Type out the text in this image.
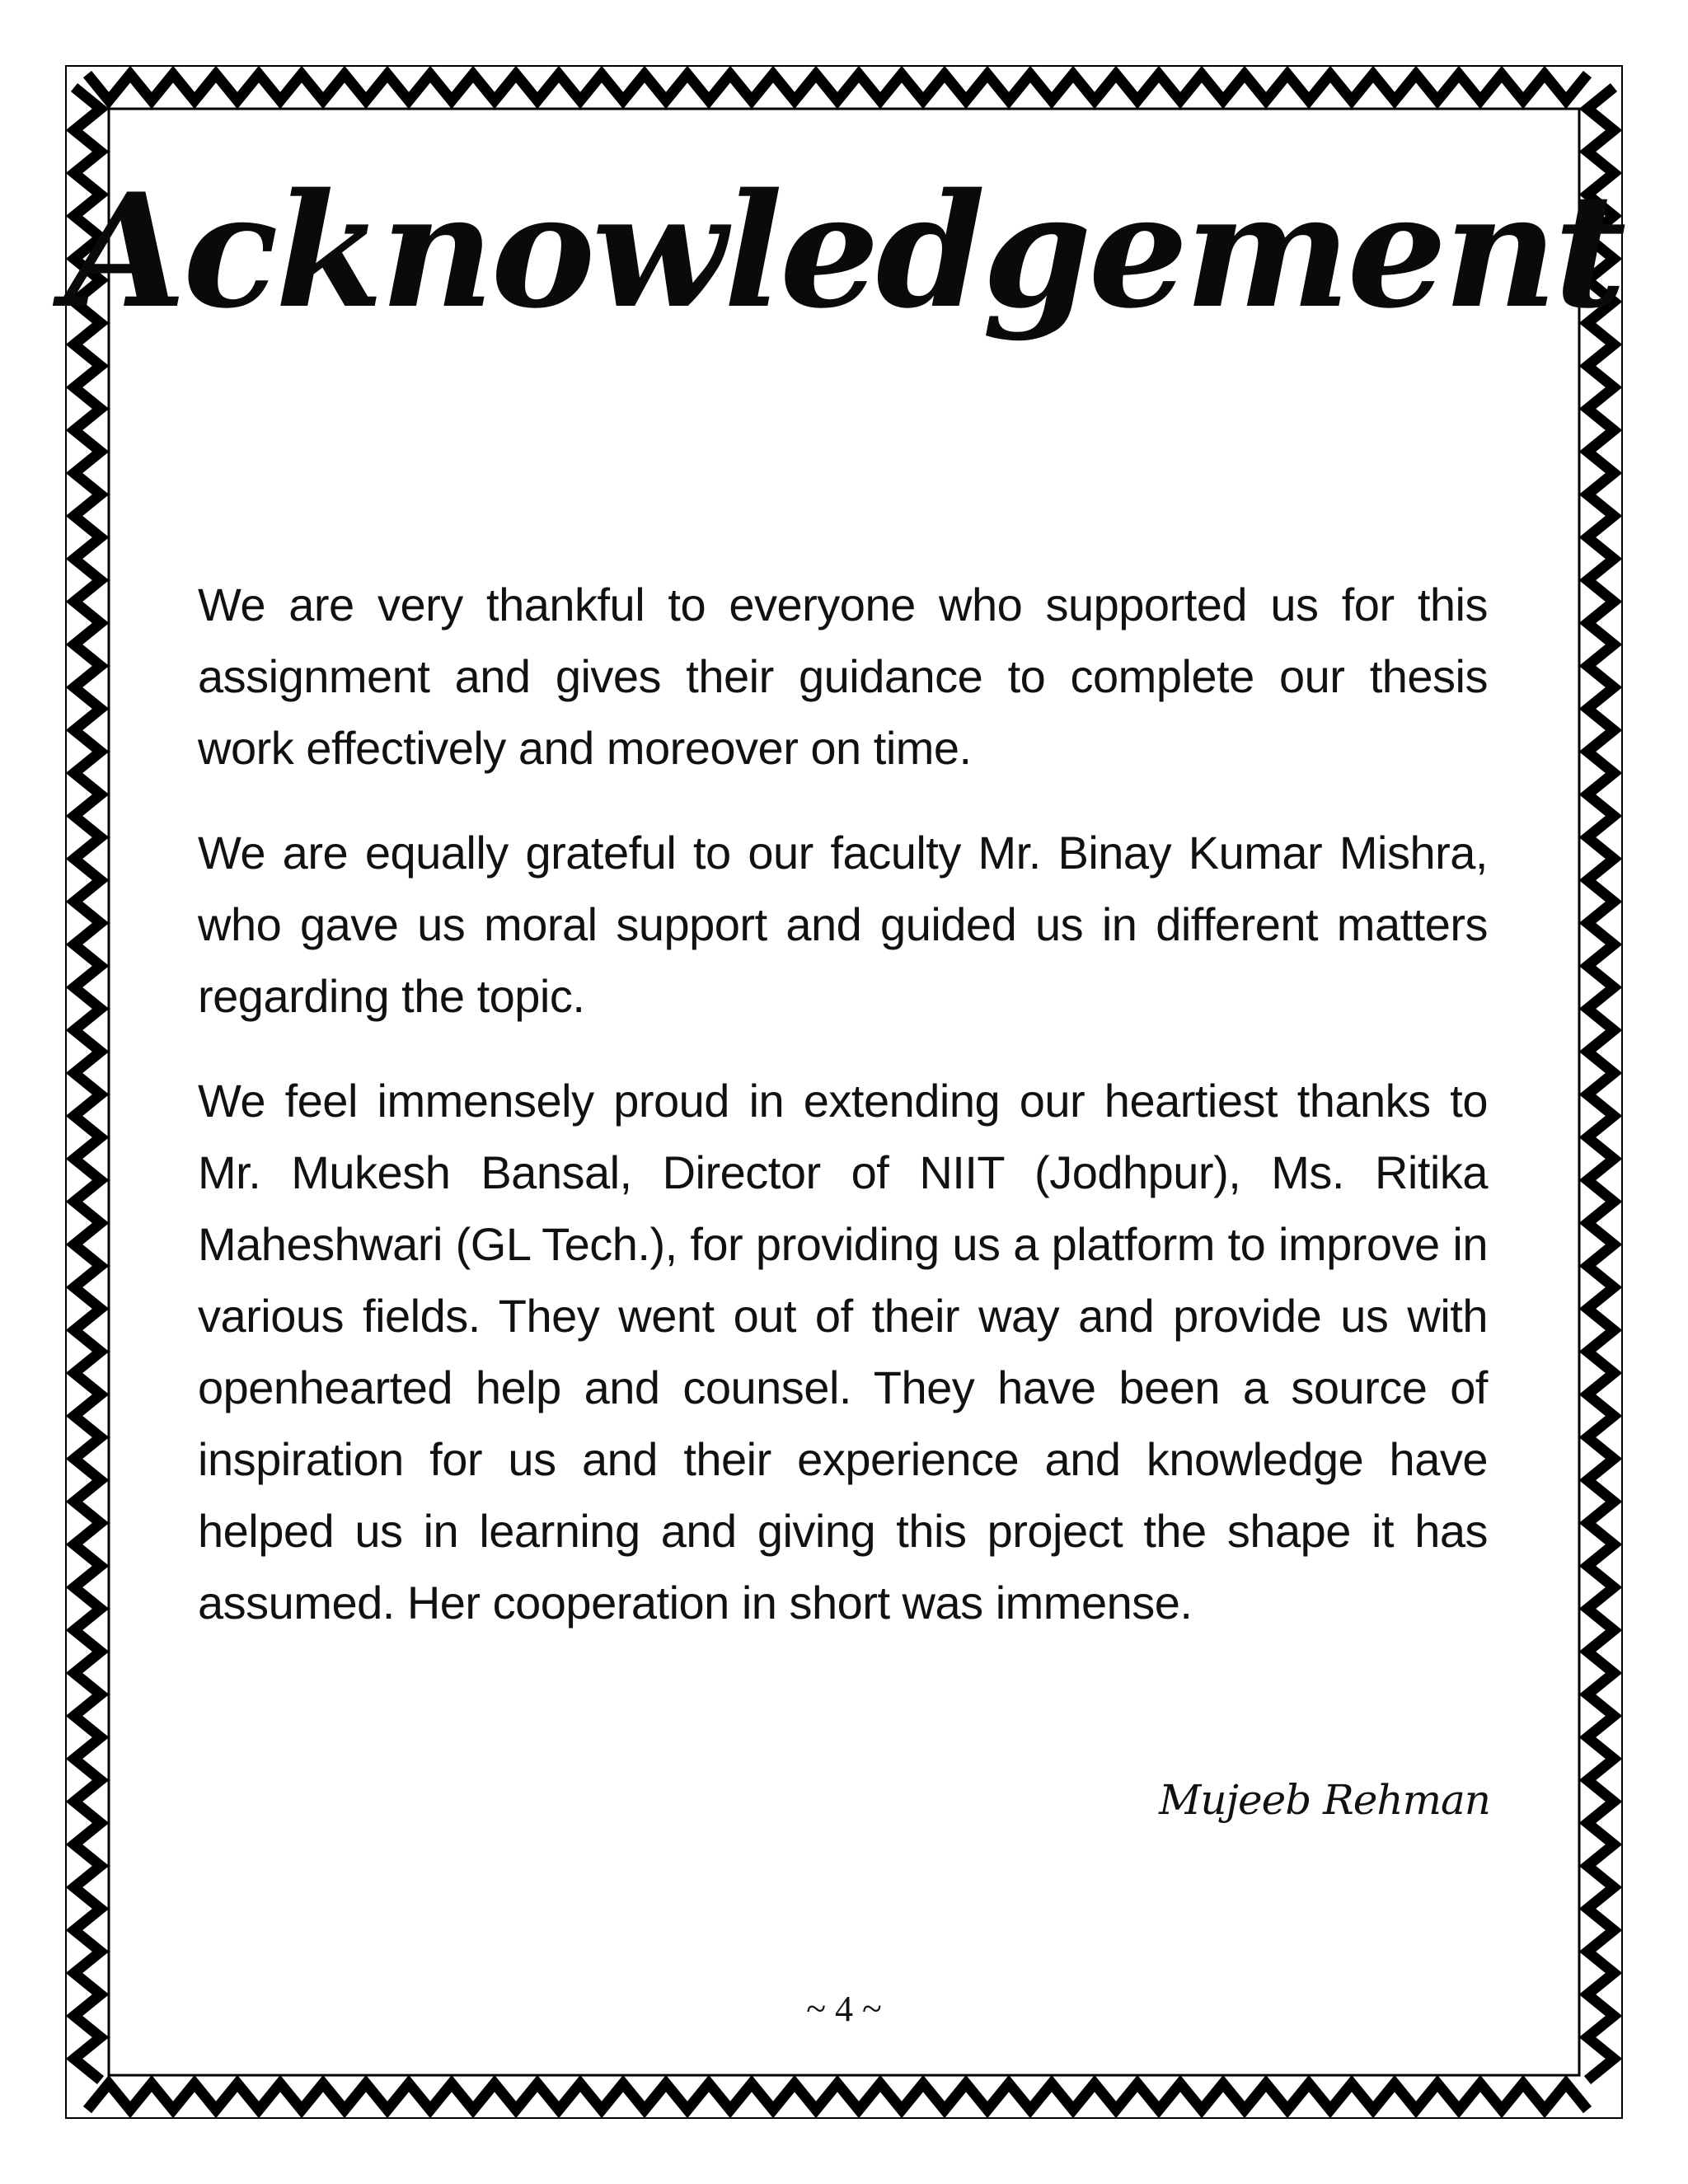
Acknowledgement

We are very thankful to everyone who supported us for this assignment and gives their guidance to complete our thesis work effectively and moreover on time.

We are equally grateful to our faculty Mr. Binay Kumar Mishra, who gave us moral support and guided us in different matters regarding the topic.

We feel immensely proud in extending our heartiest thanks to Mr. Mukesh Bansal, Director of NIIT (Jodhpur), Ms. Ritika Maheshwari (GL Tech.), for providing us a platform to improve in various fields. They went out of their way and provide us with openhearted help and counsel. They have been a source of inspiration for us and their experience and knowledge have helped us in learning and giving this project the shape it has assumed. Her cooperation in short was immense.

Mujeeb Rehman
~ 4 ~
